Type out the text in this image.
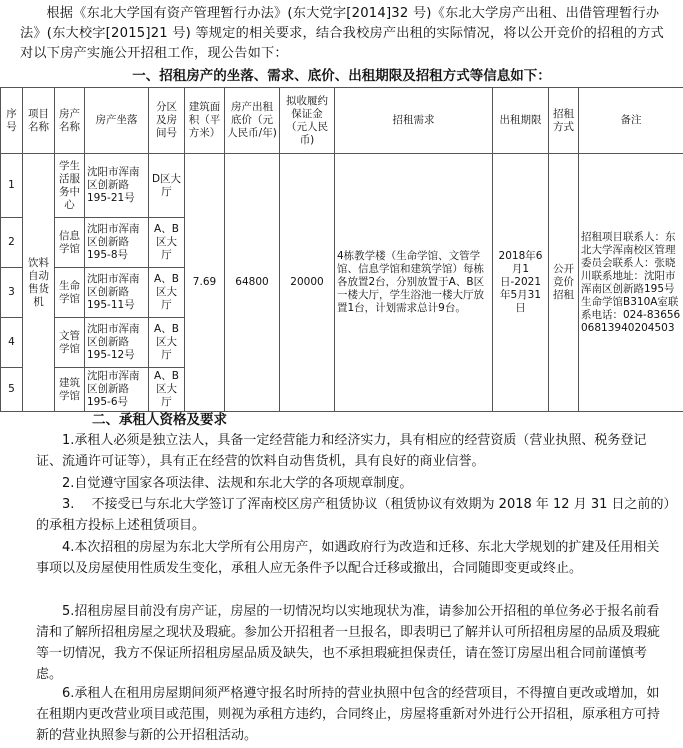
根据《东北大学国有资产管理暂行办法》(东大党字[2014]32 号)《东北大学房产出租、出借管理暂行办法》(东大校字[2015]21 号) 等规定的相关要求，结合我校房产出租的实际情况，将以公开竞价的招租的方式对以下房产实施公开招租工作，现公告如下：
一、招租房产的坐落、需求、底价、出租期限及招租方式等信息如下：
序号	项目名称	房产名称	房产坐落	分区及房间号	建筑面积（平方米）	房产出租底价（元人民币/年)	拟收履约保证金（元人民币)	招租需求	出租期限	招租方式	备注
1	饮料自动售货机	学生活服务中心	沈阳市浑南区创新路195-21号	D区大厅	7.69	64800	20000	4栋教学楼（生命学馆、文管学馆、信息学馆和建筑学馆）每栋各放置2台，分别放置于A、B区一楼大厅，学生浴池一楼大厅放置1台，计划需求总计9台。	2018年6月1日-2021年5月31日	公开竞价招租	招租项目联系人：东北大学浑南校区管理委员会联系人：张晓川联系地址：沈阳市浑南区创新路195号 生命学馆B310A室联系电话：024-8365606813940204503
2		信息学馆	沈阳市浑南区创新路195-8号	A、B区大厅							
3		生命学馆	沈阳市浑南区创新路195-11号	A、B区大厅							
4		文管学馆	沈阳市浑南区创新路195-12号	A、B区大厅							
5		建筑学馆	沈阳市浑南区创新路195-6号	A、B区大厅							
二、承租人资格及要求
1.承租人必须是独立法人，具备一定经营能力和经济实力，具有相应的经营资质（营业执照、税务登记证、流通许可证等），具有正在经营的饮料自动售货机，具有良好的商业信誉。
2.自觉遵守国家各项法律、法规和东北大学的各项规章制度。
3.　 不接受已与东北大学签订了浑南校区房产租赁协议（租赁协议有效期为 2018 年 12 月 31 日之前的）的承租方投标上述租赁项目。
4.本次招租的房屋为东北大学所有公用房产，如遇政府行为改造和迁移、东北大学规划的扩建及任用相关事项以及房屋使用性质发生变化，承租人应无条件予以配合迁移或撤出，合同随即变更或终止。
5.招租房屋目前没有房产证，房屋的一切情况均以实地现状为准，请参加公开招租的单位务必于报名前看清和了解所招租房屋之现状及瑕疵。参加公开招租者一旦报名，即表明已了解并认可所招租房屋的品质及瑕疵等一切情况，我方不保证所招租房屋品质及缺失，也不承担瑕疵担保责任，请在签订房屋出租合同前谨慎考虑。
6.承租人在租用房屋期间须严格遵守报名时所持的营业执照中包含的经营项目，不得擅自更改或增加，如在租期内更改营业项目或范围，则视为承租方违约，合同终止，房屋将重新对外进行公开招租，原承租方可持新的营业执照参与新的公开招租活动。
